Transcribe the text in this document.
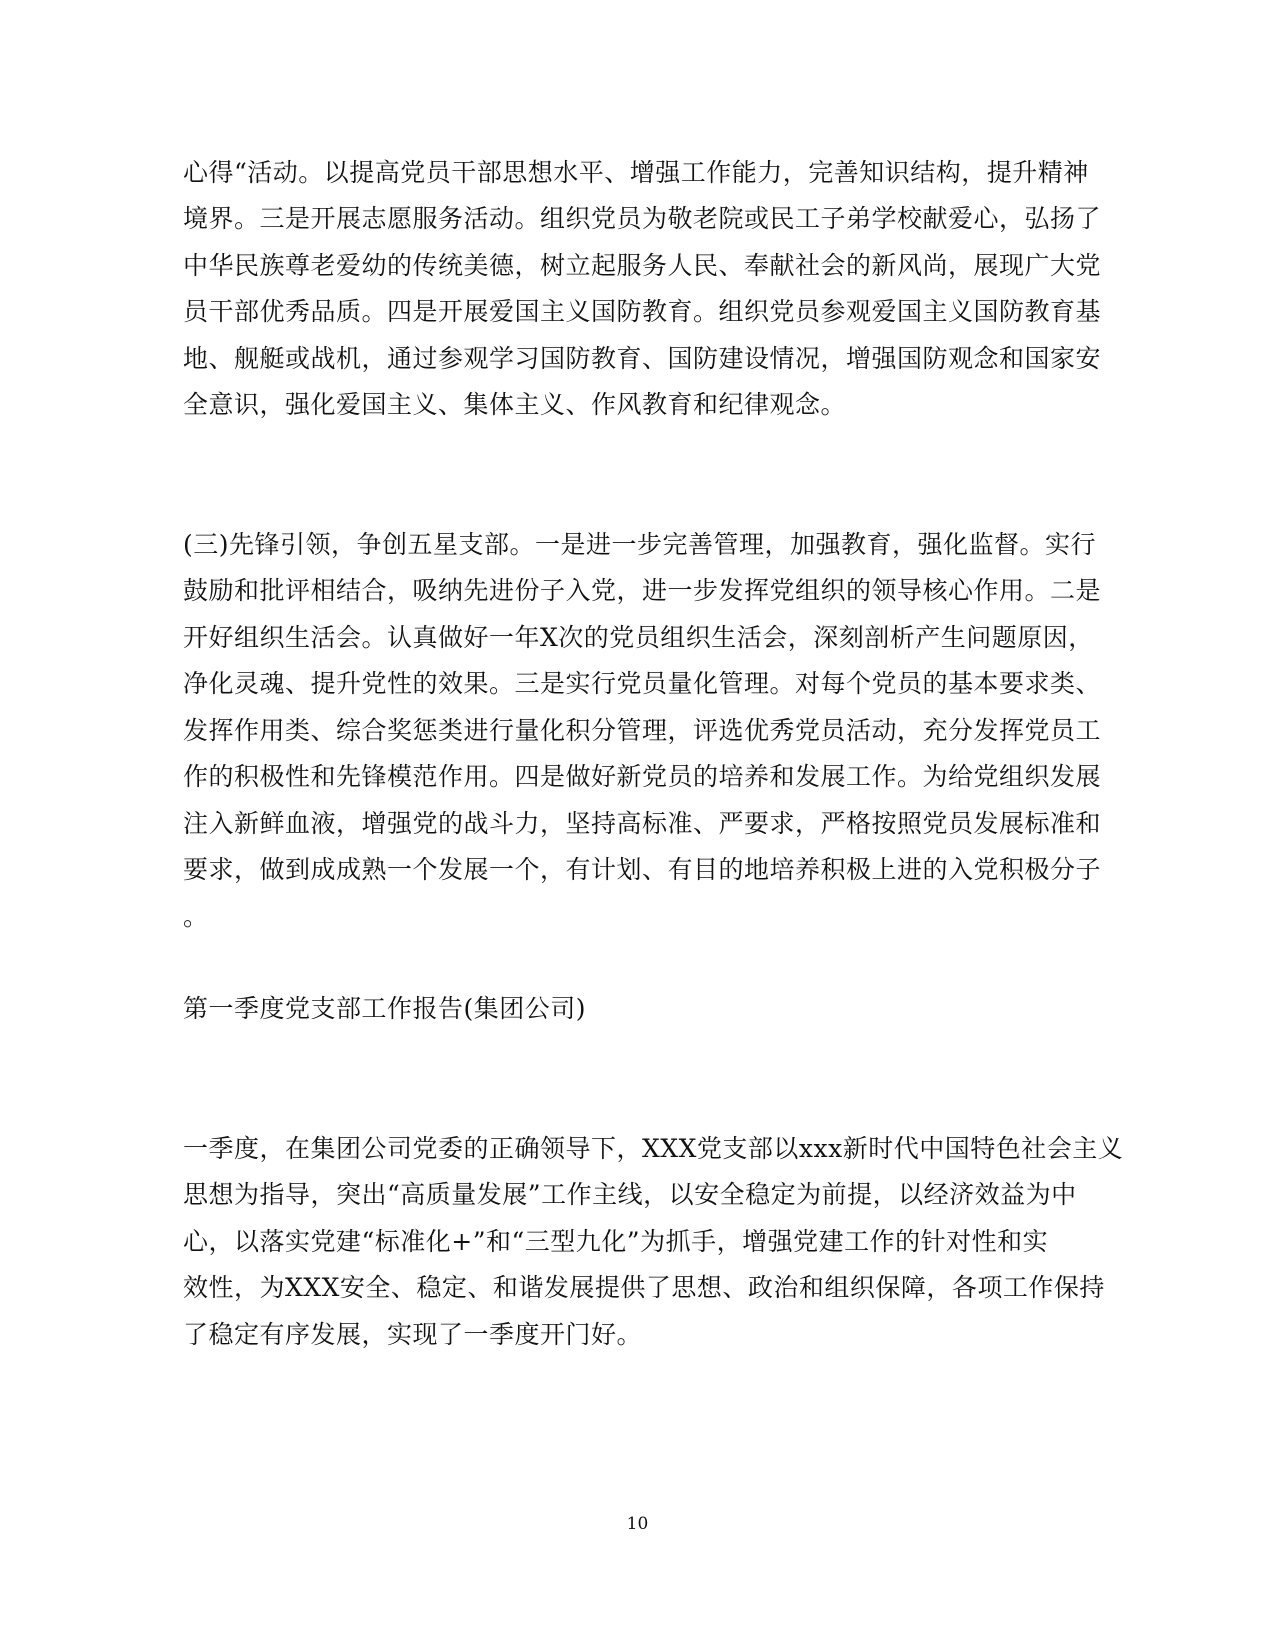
心得“活动。以提高党员干部思想水平、增强工作能力，完善知识结构，提升精神
境界。三是开展志愿服务活动。组织党员为敬老院或民工子弟学校献爱心，弘扬了
中华民族尊老爱幼的传统美德，树立起服务人民、奉献社会的新风尚，展现广大党
员干部优秀品质。四是开展爱国主义国防教育。组织党员参观爱国主义国防教育基
地、舰艇或战机，通过参观学习国防教育、国防建设情况，增强国防观念和国家安
全意识，强化爱国主义、集体主义、作风教育和纪律观念。
(三)先锋引领，争创五星支部。一是进一步完善管理，加强教育，强化监督。实行
鼓励和批评相结合，吸纳先进份子入党，进一步发挥党组织的领导核心作用。二是
开好组织生活会。认真做好一年X次的党员组织生活会，深刻剖析产生问题原因，
净化灵魂、提升党性的效果。三是实行党员量化管理。对每个党员的基本要求类、
发挥作用类、综合奖惩类进行量化积分管理，评选优秀党员活动，充分发挥党员工
作的积极性和先锋模范作用。四是做好新党员的培养和发展工作。为给党组织发展
注入新鲜血液，增强党的战斗力，坚持高标准、严要求，严格按照党员发展标准和
要求，做到成成熟一个发展一个，有计划、有目的地培养积极上进的入党积极分子
。
第一季度党支部工作报告(集团公司)
一季度，在集团公司党委的正确领导下，XXX党支部以xxx新时代中国特色社会主义
思想为指导，突出“高质量发展”工作主线，以安全稳定为前提，以经济效益为中
心，以落实党建“标准化+”和“三型九化”为抓手，增强党建工作的针对性和实
效性，为XXX安全、稳定、和谐发展提供了思想、政治和组织保障，各项工作保持
了稳定有序发展，实现了一季度开门好。
10
